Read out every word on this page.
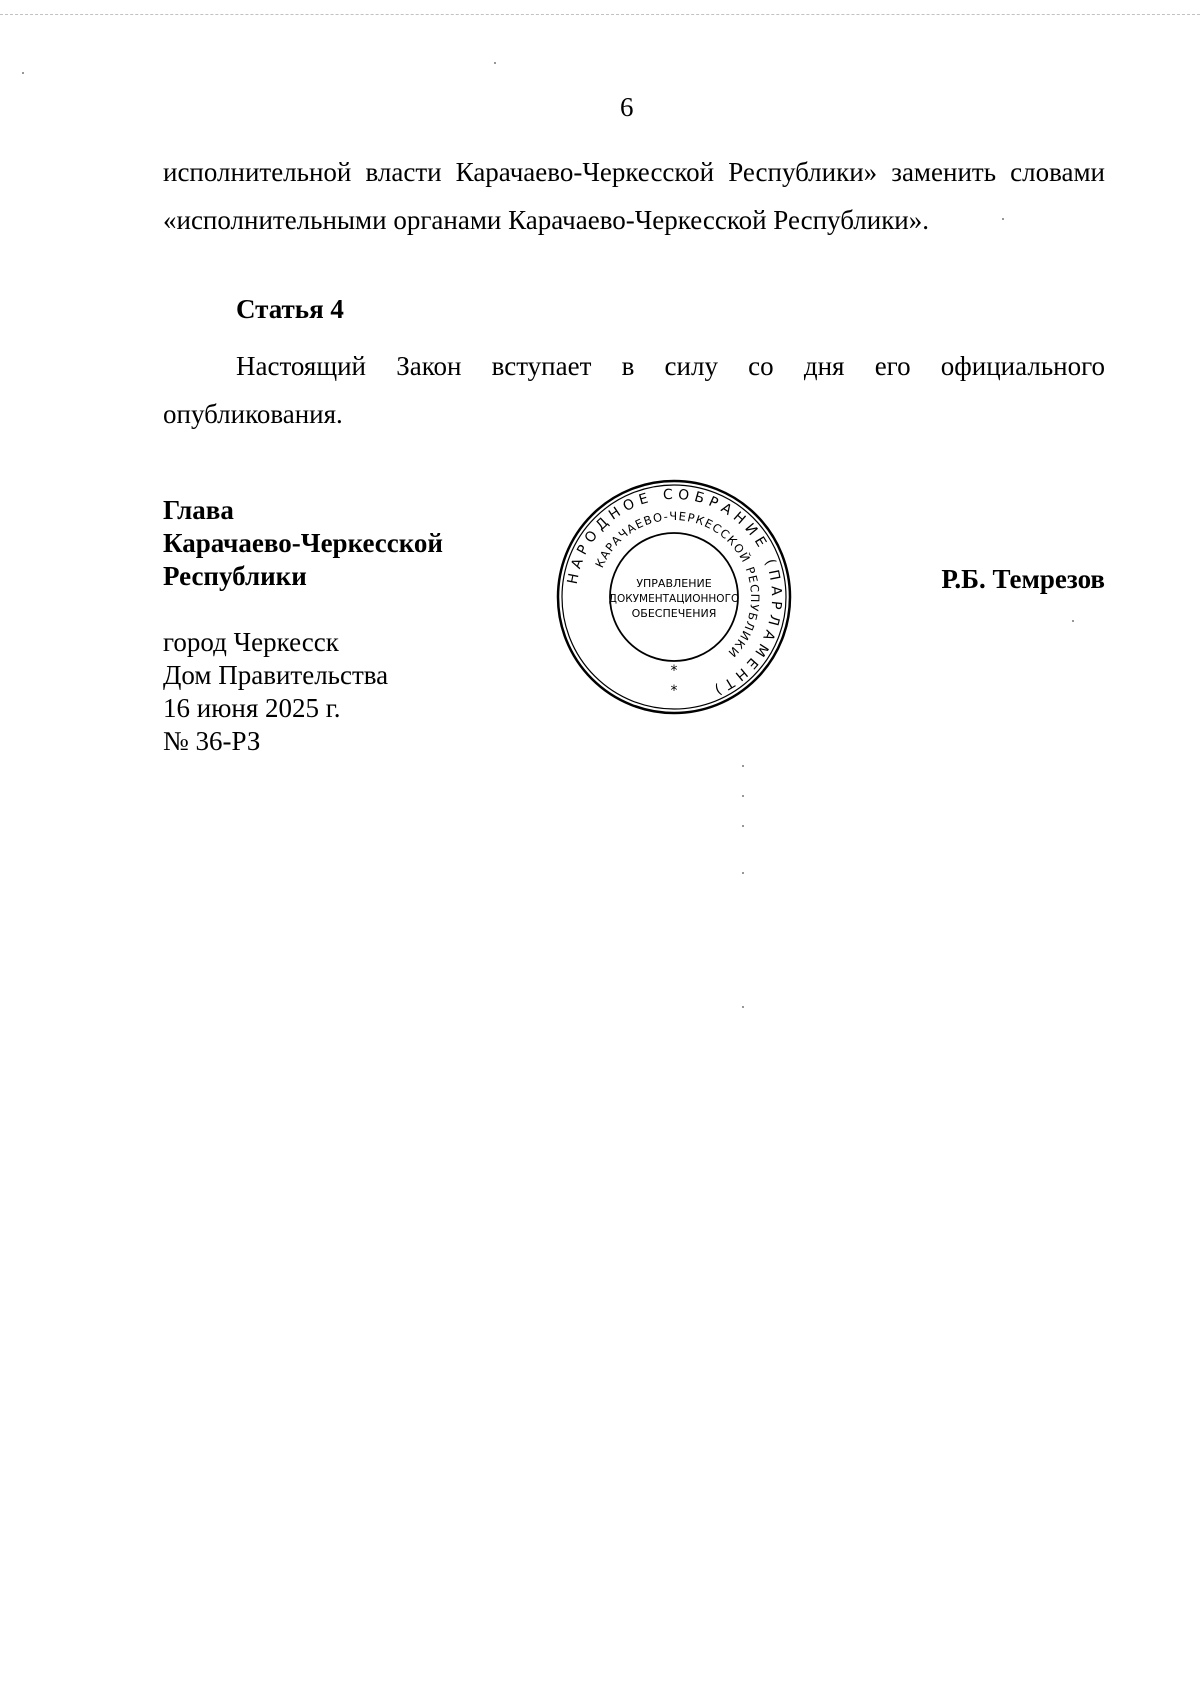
6
исполнительной власти Карачаево-Черкесской Республики» заменить словами
«исполнительными органами Карачаево-Черкесской Республики».
Статья 4
Настоящий Закон вступает в силу со дня его официального
опубликования.
Глава
Карачаево-Черкесской
Республики	Р.Б. Темрезов
город Черкесск
Дом Правительства
16 июня 2025 г.
№ 36-РЗ
НАРОДНОЕ СОБРАНИЕ (ПАРЛАМЕНТ)
КАРАЧАЕВО-ЧЕРКЕССКОЙ РЕСПУБЛИКИ
УПРАВЛЕНИЕ
ДОКУМЕНТАЦИОННОГО
ОБЕСПЕЧЕНИЯ
*
*
